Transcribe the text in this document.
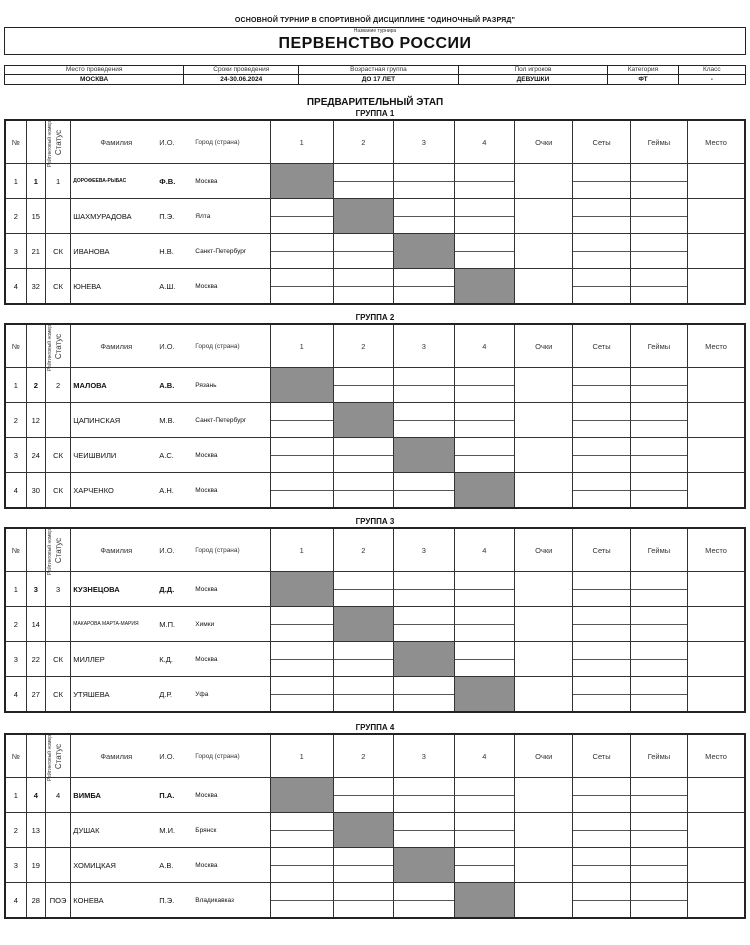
ОСНОВНОЙ ТУРНИР В СПОРТИВНОЙ ДИСЦИПЛИНЕ "ОДИНОЧНЫЙ РАЗРЯД"
Название турнира
ПЕРВЕНСТВО РОССИИ
Место проведения
МОСКВА
Сроки проведения
24-30.06.2024
Возрастная группа
ДО 17 ЛЕТ
Пол игроков
ДЕВУШКИ
Категория
ФТ
Класс
-
ПРЕДВАРИТЕЛЬНЫЙ ЭТАП
ГРУППА 1
№	Рейтинговый номер	Статус	Фамилия И.О. Город (страна)	1	2	3	4	Очки	Сеты	Геймы	Место
1	1	1	ДОРОФЕЕВА-РЫБАС Ф.В. Москва								

2	15		ШАХМУРАДОВА П.Э. Ялта								

3	21	СК	ИВАНОВА Н.В. Санкт-Петербург								

4	32	СК	ЮНЕВА А.Ш. Москва								

ГРУППА 2
№	Рейтинговый номер	Статус	Фамилия И.О. Город (страна)	1	2	3	4	Очки	Сеты	Геймы	Место
1	2	2	МАЛОВА А.В. Рязань								

2	12		ЦАПИНСКАЯ М.В. Санкт-Петербург								

3	24	СК	ЧЕИШВИЛИ А.С. Москва								

4	30	СК	ХАРЧЕНКО А.Н. Москва								

ГРУППА 3
№	Рейтинговый номер	Статус	Фамилия И.О. Город (страна)	1	2	3	4	Очки	Сеты	Геймы	Место
1	3	3	КУЗНЕЦОВА Д.Д. Москва								

2	14		МАКАРОВА МАРТА-МАРИЯ М.П. Химки								

3	22	СК	МИЛЛЕР К.Д. Москва								

4	27	СК	УТЯШЕВА Д.Р. Уфа								

ГРУППА 4
№	Рейтинговый номер	Статус	Фамилия И.О. Город (страна)	1	2	3	4	Очки	Сеты	Геймы	Место
1	4	4	ВИМБА П.А. Москва								

2	13		ДУШАК М.И. Брянск								

3	19		ХОМИЦКАЯ А.В. Москва								

4	28	ПОЭ	КОНЕВА П.Э. Владикавказ								
